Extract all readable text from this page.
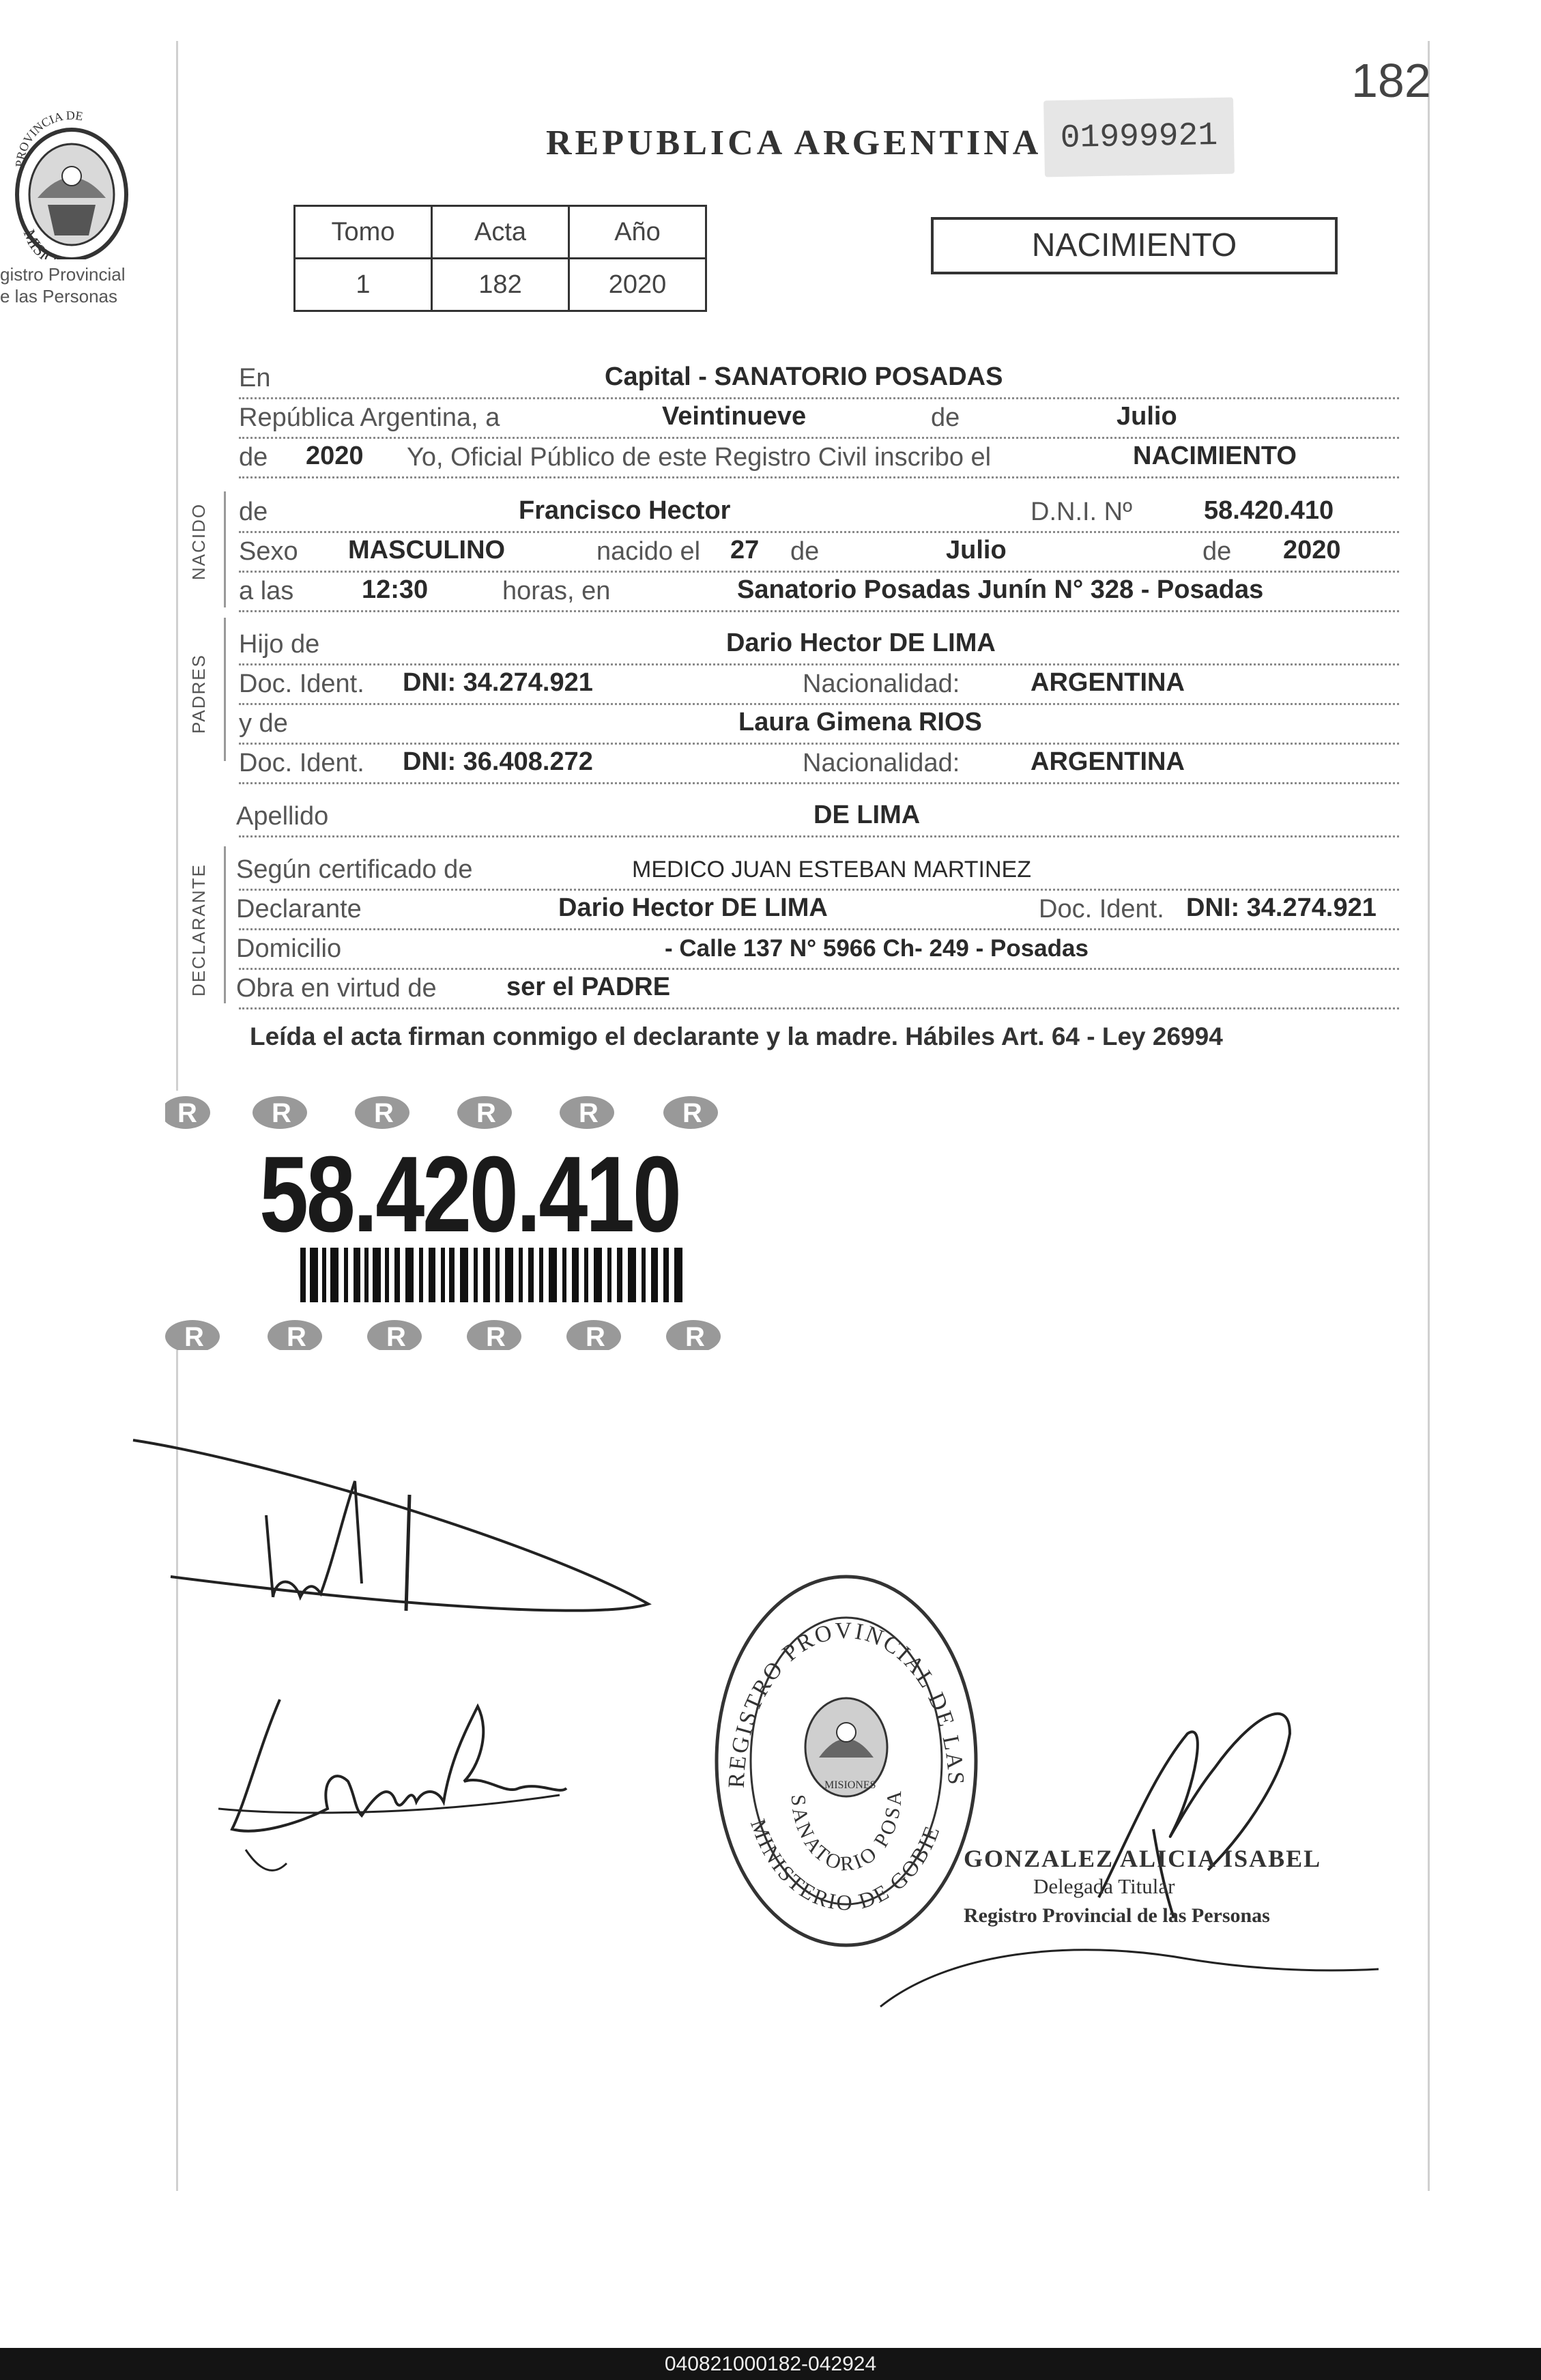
182
PROVINCIA DE
MISIO
gistro Provincial
e las Personas
REPUBLICA ARGENTINA 01999921
Tomo	Acta	Año
1	182	2020
NACIMIENTO
NACIDO
PADRES
DECLARANTE
En	Capital - SANATORIO POSADAS
República Argentina, a	Veintinueve	de	Julio
de 2020 Yo, Oficial Público de este Registro Civil inscribo el	NACIMIENTO
de	Francisco Hector	D.N.I. Nº	58.420.410
Sexo MASCULINO	nacido el 27 de	Julio	de 2020
a las	12:30	horas, en	Sanatorio Posadas Junín N° 328 - Posadas
Hijo de	Dario Hector DE LIMA
Doc. Ident. DNI: 34.274.921	Nacionalidad:	ARGENTINA
y de	Laura Gimena RIOS
Doc. Ident. DNI: 36.408.272	Nacionalidad:	ARGENTINA
Apellido	DE LIMA
Según certificado de	MEDICO JUAN ESTEBAN MARTINEZ
Declarante	Dario Hector DE LIMA	Doc. Ident. DNI: 34.274.921
Domicilio	- Calle 137 N° 5966 Ch- 249 - Posadas
Obra en virtud de	ser el PADRE
Leída el acta firman conmigo el declarante y la madre. Hábiles Art. 64 - Ley 26994
R	R	R	R	R	R
R	R	R	R	R	R
58.420.410
REGISTRO PROVINCIAL DE LAS
SANATORIO POSA
MINISTERIO DE GOBIE
MISIONES
GONZALEZ ALICIA ISABEL
Delegada Titular
Registro Provincial de las Personas
040821000182-042924
